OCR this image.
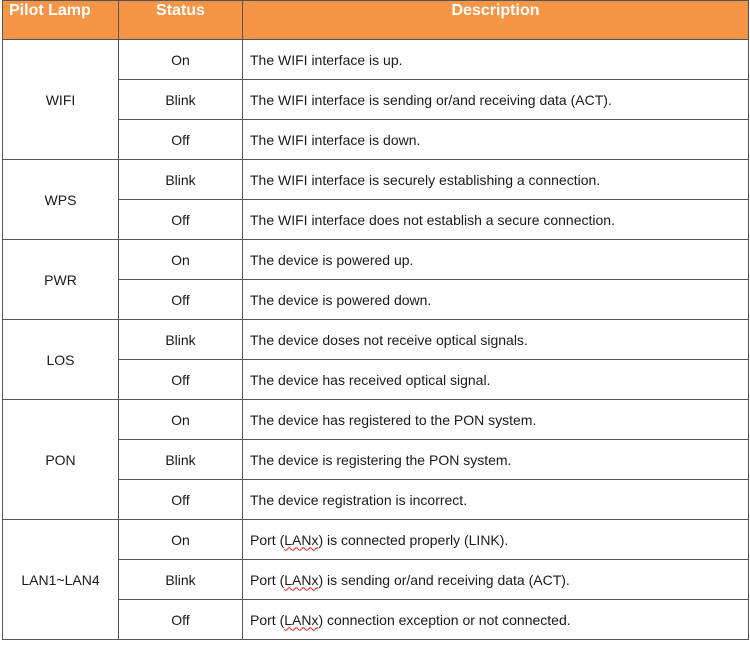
Pilot Lamp	Status	Description
WIFI	On	The WIFI interface is up.
	Blink	The WIFI interface is sending or/and receiving data (ACT).
	Off	The WIFI interface is down.
WPS	Blink	The WIFI interface is securely establishing a connection.
	Off	The WIFI interface does not establish a secure connection.
PWR	On	The device is powered up.
	Off	The device is powered down.
LOS	Blink	The device doses not receive optical signals.
	Off	The device has received optical signal.
PON	On	The device has registered to the PON system.
	Blink	The device is registering the PON system.
	Off	The device registration is incorrect.
LAN1~LAN4	On	Port (LANx) is connected properly (LINK).
	Blink	Port (LANx) is sending or/and receiving data (ACT).
	Off	Port (LANx) connection exception or not connected.
